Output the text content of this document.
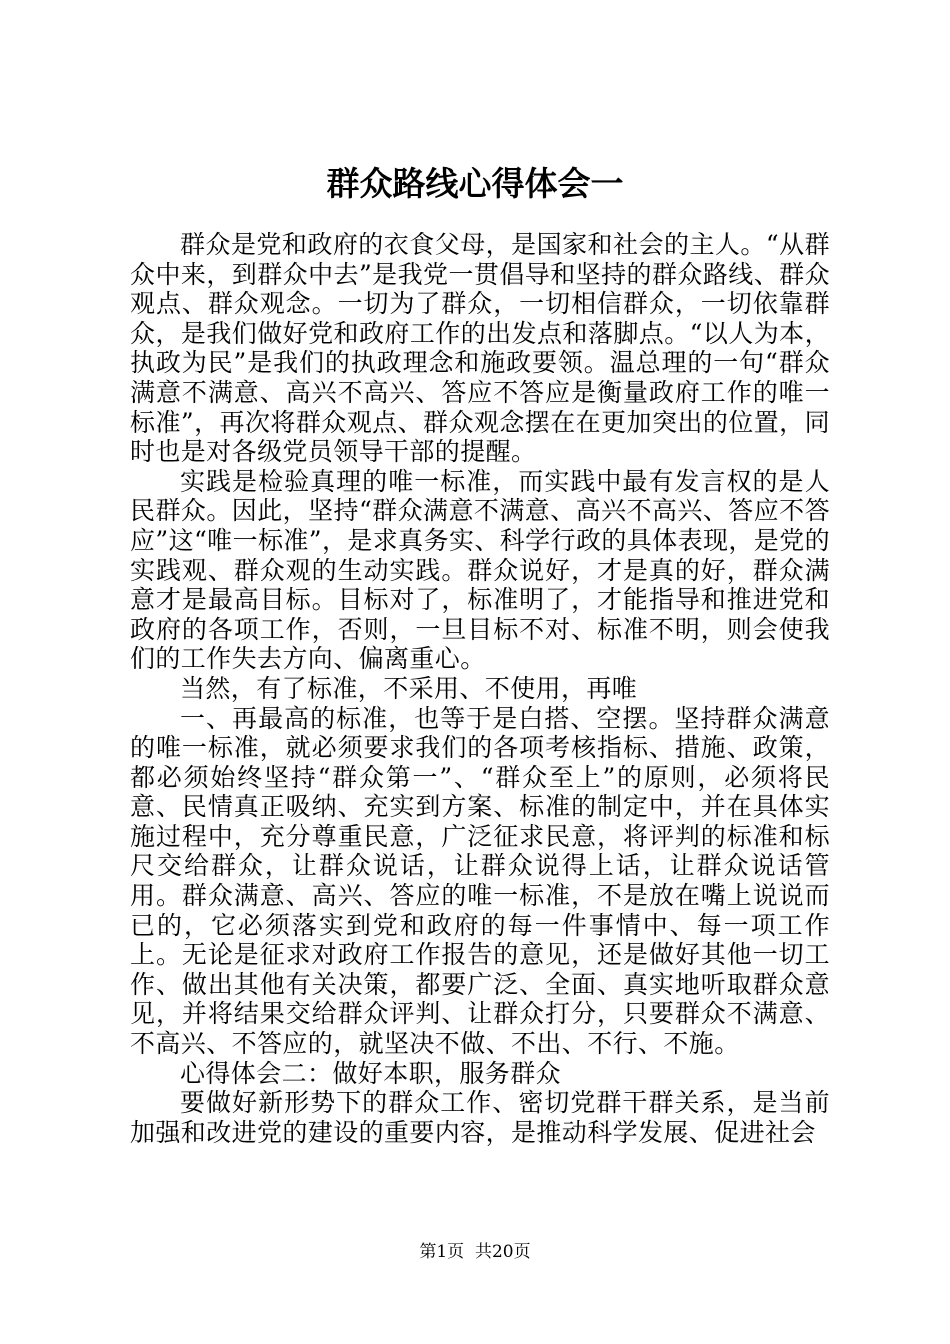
群众路线心得体会一

群众是党和政府的衣食父母，是国家和社会的主人。“从群众中来，到群众中去”是我党一贯倡导和坚持的群众路线、群众观点、群众观念。一切为了群众，一切相信群众，一切依靠群众，是我们做好党和政府工作的出发点和落脚点。“以人为本，执政为民”是我们的执政理念和施政要领。温总理的一句“群众满意不满意、高兴不高兴、答应不答应是衡量政府工作的唯一标准”，再次将群众观点、群众观念摆在在更加突出的位置，同时也是对各级党员领导干部的提醒。

实践是检验真理的唯一标准，而实践中最有发言权的是人民群众。因此，坚持“群众满意不满意、高兴不高兴、答应不答应”这“唯一标准”，是求真务实、科学行政的具体表现，是党的实践观、群众观的生动实践。群众说好，才是真的好，群众满意才是最高目标。目标对了，标准明了，才能指导和推进党和政府的各项工作，否则，一旦目标不对、标准不明，则会使我们的工作失去方向、偏离重心。

当然，有了标准，不采用、不使用，再唯

一、再最高的标准，也等于是白搭、空摆。坚持群众满意的唯一标准，就必须要求我们的各项考核指标、措施、政策，都必须始终坚持“群众第一”、“群众至上”的原则，必须将民意、民情真正吸纳、充实到方案、标准的制定中，并在具体实施过程中，充分尊重民意，广泛征求民意，将评判的标准和标尺交给群众，让群众说话，让群众说得上话，让群众说话管用。群众满意、高兴、答应的唯一标准，不是放在嘴上说说而已的，它必须落实到党和政府的每一件事情中、每一项工作上。无论是征求对政府工作报告的意见，还是做好其他一切工作、做出其他有关决策，都要广泛、全面、真实地听取群众意见，并将结果交给群众评判、让群众打分，只要群众不满意、不高兴、不答应的，就坚决不做、不出、不行、不施。

心得体会二：做好本职，服务群众

要做好新形势下的群众工作、密切党群干群关系，是当前加强和改进党的建设的重要内容，是推动科学发展、促进社会

第1页  共20页
